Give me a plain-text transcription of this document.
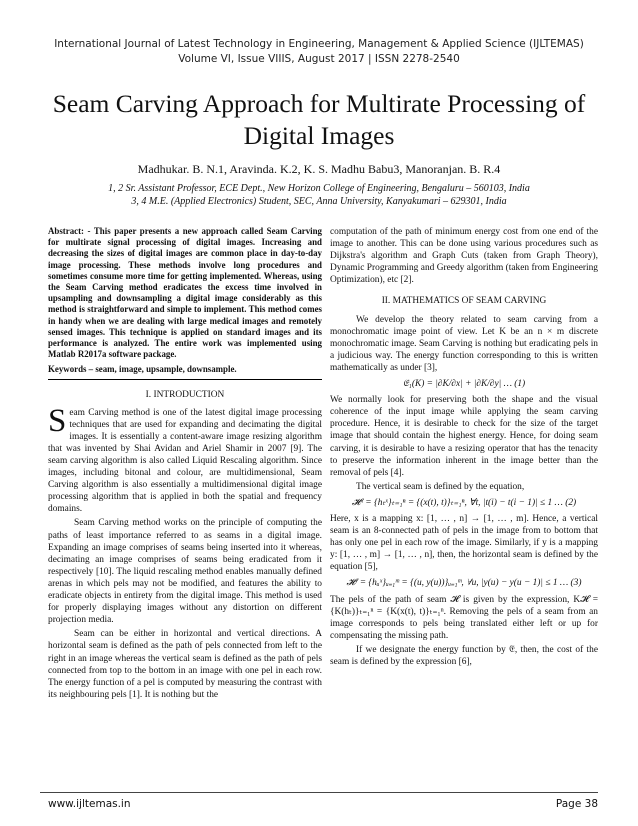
International Journal of Latest Technology in Engineering, Management & Applied Science (IJLTEMAS)
Volume VI, Issue VIIIS, August 2017 | ISSN 2278-2540
Seam Carving Approach for Multirate Processing of Digital Images
Madhukar. B. N.1, Aravinda. K.2, K. S. Madhu Babu3, Manoranjan. B. R.4
1, 2 Sr. Assistant Professor, ECE Dept., New Horizon College of Engineering, Bengaluru – 560103, India
3, 4 M.E. (Applied Electronics) Student, SEC, Anna University, Kanyakumari – 629301, India
Abstract: - This paper presents a new approach called Seam Carving for multirate signal processing of digital images. Increasing and decreasing the sizes of digital images are common place in day-to-day image processing. These methods involve long procedures and sometimes consume more time for getting implemented. Whereas, using the Seam Carving method eradicates the excess time involved in upsampling and downsampling a digital image considerably as this method is straightforward and simple to implement. This method comes in handy when we are dealing with large medical images and remotely sensed images. This technique is applied on standard images and its performance is analyzed. The entire work was implemented using Matlab R2017a software package.
Keywords – seam, image, upsample, downsample.
I. INTRODUCTION

Seam Carving method is one of the latest digital image processing techniques that are used for expanding and decimating the digital images. It is essentially a content-aware image resizing algorithm that was invented by Shai Avidan and Ariel Shamir in 2007 [9]. The seam carving algorithm is also called Liquid Rescaling algorithm. Since images, including bitonal and colour, are multidimensional, Seam Carving algorithm is also essentially a multidimensional digital image processing algorithm that is applied in both the spatial and frequency domains.

Seam Carving method works on the principle of computing the paths of least importance referred to as seams in a digital image. Expanding an image comprises of seams being inserted into it whereas, decimating an image comprises of seams being eradicated from it respectively [10]. The liquid rescaling method enables manually defined arenas in which pels may not be modified, and features the ability to eradicate objects in entirety from the digital image. This method is used for properly displaying images without any distortion on different projection media.

Seam can be either in horizontal and vertical directions. A horizontal seam is defined as the path of pels connected from left to the right in an image whereas the vertical seam is defined as the path of pels connected from top to the bottom in an image with one pel in each row. The energy function of a pel is computed by measuring the contrast with its neighbouring pels [1]. It is nothing but the

computation of the path of minimum energy cost from one end of the image to another. This can be done using various procedures such as Dijkstra's algorithm and Graph Cuts (taken from Graph Theory), Dynamic Programming and Greedy algorithm (taken from Engineering Optimization), etc [2].

II. MATHEMATICS OF SEAM CARVING

We develop the theory related to seam carving from a monochromatic image point of view. Let K be an n × m discrete monochromatic image. Seam Carving is nothing but eradicating pels in a judicious way. The energy function corresponding to this is written mathematically as under [3],

𝔈₁(K) = |∂K/∂x| + |∂K/∂y| … (1)

We normally look for preserving both the shape and the visual coherence of the input image while applying the seam carving procedure. Hence, it is desirable to check for the size of the target image that should contain the highest energy. Hence, for doing seam carving, it is desirable to have a resizing operator that has the tenacity to preserve the information inherent in the image better than the removal of pels [4].

The vertical seam is defined by the equation,

𝓗ˣ = {hₜˣ}ₜ₌₁ⁿ = {(x(t), t)}ₜ₌₁ⁿ, ∀t, |t(i) − t(i − 1)| ≤ 1 … (2)

Here, x is a mapping x: [1, … , n] → [1, … , m]. Hence, a vertical seam is an 8-connected path of pels in the image from to bottom that has only one pel in each row of the image. Similarly, if y is a mapping y: [1, … , m] → [1, … , n], then, the horizontal seam is defined by the equation [5],

𝓗ʸ = {hᵤˣ}ᵤ₌₁ᵐ = {(u, y(u))}ᵤ₌₁ᵐ, ∀u, |y(u) − y(u − 1)| ≤ 1 … (3)

The pels of the path of seam 𝓗 is given by the expression, K𝓗 = {K(hₜ)}ₜ₌₁ⁿ = {K(x(t), t)}ₜ₌₁ⁿ. Removing the pels of a seam from an image corresponds to pels being translated either left or up for compensating the missing path.

If we designate the energy function by 𝔈, then, the cost of the seam is defined by the expression [6],

www.ijltemas.in	Page 38
